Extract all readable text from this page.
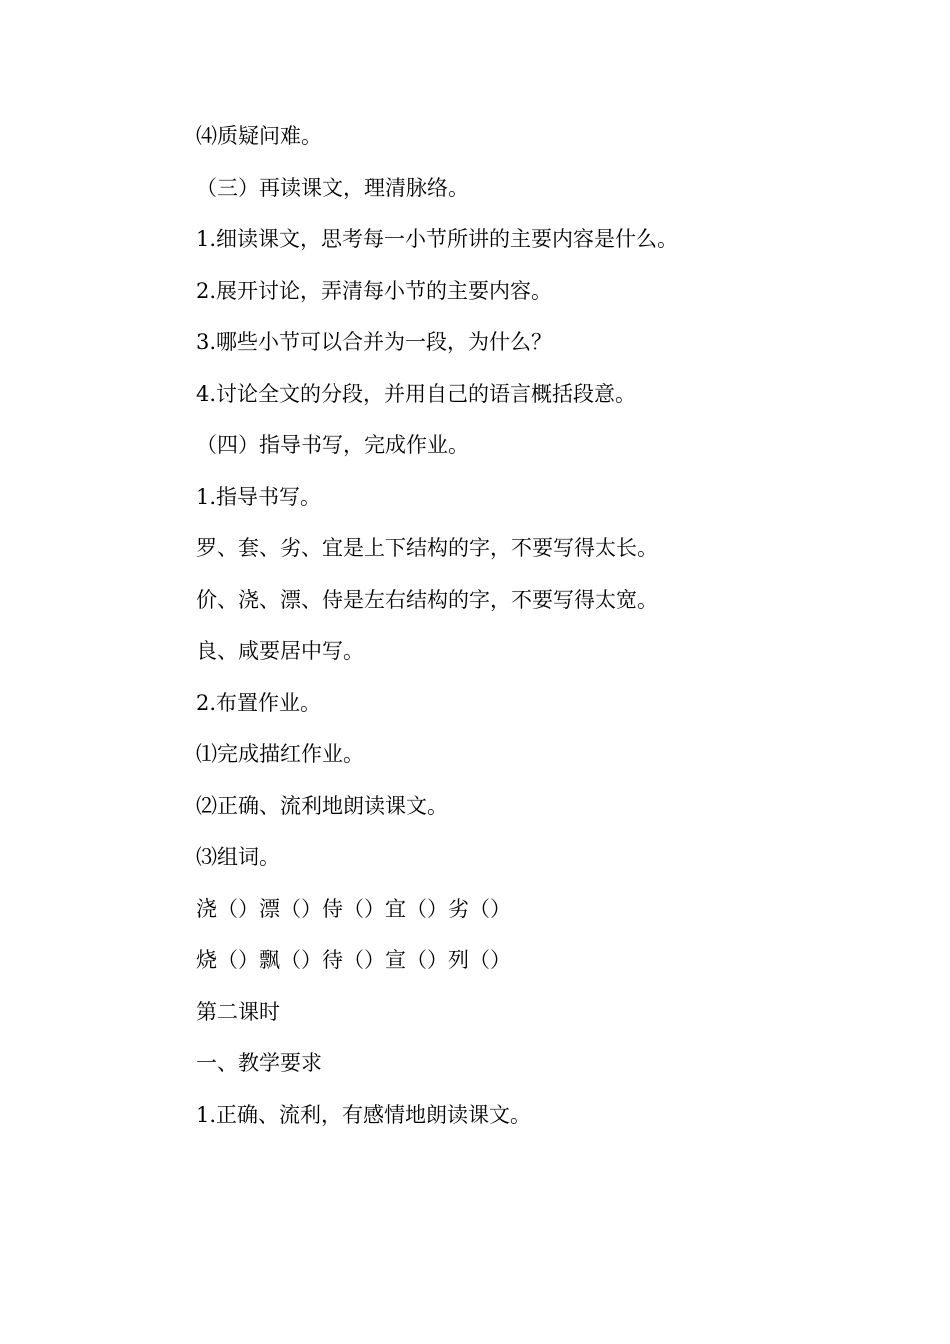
⑷质疑问难。
（三）再读课文，理清脉络。
1.细读课文，思考每一小节所讲的主要内容是什么。
2.展开讨论，弄清每小节的主要内容。
3.哪些小节可以合并为一段，为什么？
4.讨论全文的分段，并用自己的语言概括段意。
（四）指导书写，完成作业。
1.指导书写。
罗、套、劣、宜是上下结构的字，不要写得太长。
价、浇、漂、侍是左右结构的字，不要写得太宽。
良、咸要居中写。
2.布置作业。
⑴完成描红作业。
⑵正确、流利地朗读课文。
⑶组词。
浇（）漂（）侍（）宜（）劣（）
烧（）飘（）待（）宣（）列（）
第二课时
一、教学要求
1.正确、流利，有感情地朗读课文。
